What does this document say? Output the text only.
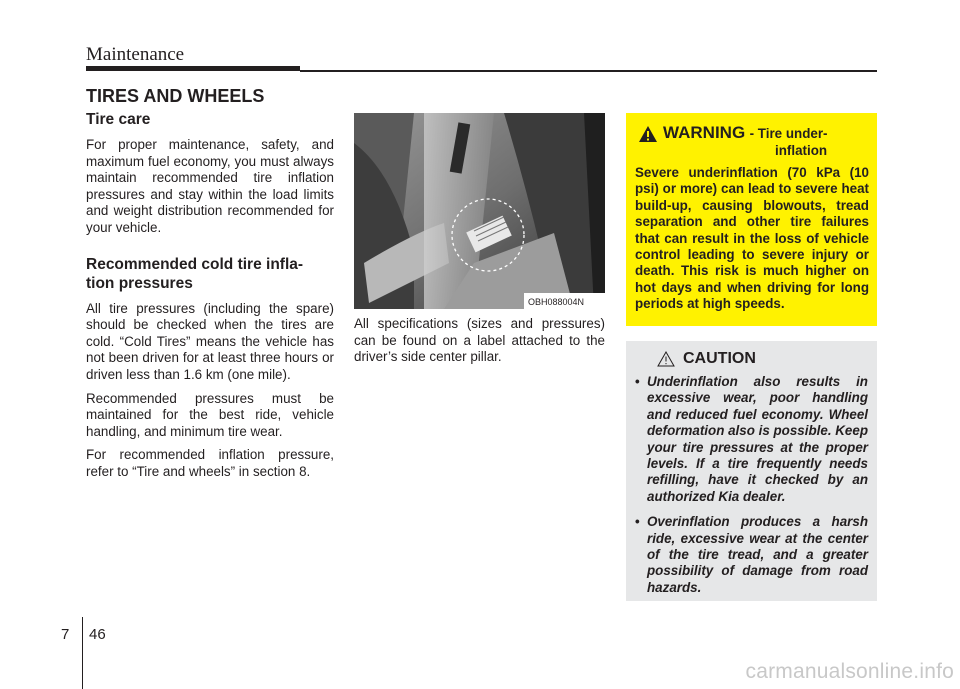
Maintenance
TIRES AND WHEELS
Tire care

For proper maintenance, safety, and maximum fuel economy, you must always maintain recommended tire inflation pressures and stay within the load limits and weight distribution recommended for your vehicle.

Recommended cold tire infla-
tion pressures

All tire pressures (including the spare) should be checked when the tires are cold. “Cold Tires” means the vehicle has not been driven for at least three hours or driven less than 1.6 km (one mile).

Recommended pressures must be maintained for the best ride, vehicle handling, and minimum tire wear.

For recommended inflation pressure, refer to “Tire and wheels” in section 8.

OBH088004N

All specifications (sizes and pressures) can be found on a label attached to the driver’s side center pillar.

WARNING - Tire under-
inflation
Severe underinflation (70 kPa (10 psi) or more) can lead to severe heat build-up, causing blowouts, tread separation and other tire failures that can result in the loss of vehicle control leading to severe injury or death. This risk is much higher on hot days and when driving for long periods at high speeds.
CAUTION
• Underinflation also results in excessive wear, poor handling and reduced fuel economy. Wheel deformation also is possible. Keep your tire pressures at the proper levels. If a tire frequently needs refilling, have it checked by an authorized Kia dealer.
• Overinflation produces a harsh ride, excessive wear at the center of the tire tread, and a greater possibility of damage from road hazards.
7 46
carmanualsonline.info
